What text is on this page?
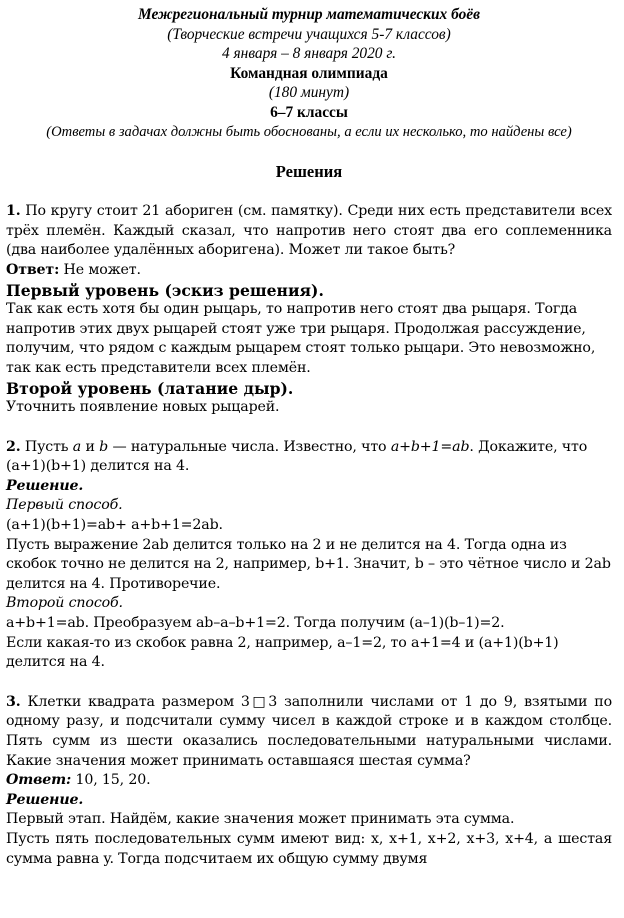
Межрегиональный турнир математических боёв
(Творческие встречи учащихся 5-7 классов)
4 января – 8 января 2020 г.
Командная олимпиада
(180 минут)
6–7 классы
(Ответы в задачах должны быть обоснованы, а если их несколько, то найдены все)
Решения
1. По кругу стоит 21 абориген (см. памятку). Среди них есть представители всех трёх племён. Каждый сказал, что напротив него стоят два его соплеменника (два наиболее удалённых аборигена). Может ли такое быть?
Ответ: Не может.
Первый уровень (эскиз решения).
Так как есть хотя бы один рыцарь, то напротив него стоят два рыцаря. Тогда напротив этих двух рыцарей стоят уже три рыцаря. Продолжая рассуждение, получим, что рядом с каждым рыцарем стоят только рыцари. Это невозможно, так как есть представители всех племён.
Второй уровень (латание дыр).
Уточнить появление новых рыцарей.
2. Пусть a и b — натуральные числа. Известно, что a+b+1=ab. Докажите, что (a+1)(b+1) делится на 4.
Решение.
Первый способ.
(a+1)(b+1)=ab+ a+b+1=2ab.
Пусть выражение 2ab делится только на 2 и не делится на 4. Тогда одна из скобок точно не делится на 2, например, b+1. Значит, b – это чётное число и 2ab делится на 4. Противоречие.
Второй способ.
a+b+1=ab. Преобразуем ab–a–b+1=2. Тогда получим (a–1)(b–1)=2.
Если какая-то из скобок равна 2, например, a–1=2, то a+1=4 и (a+1)(b+1) делится на 4.
3. Клетки квадрата размером 3□3 заполнили числами от 1 до 9, взятыми по одному разу, и подсчитали сумму чисел в каждой строке и в каждом столбце. Пять сумм из шести оказались последовательными натуральными числами. Какие значения может принимать оставшаяся шестая сумма?
Ответ: 10, 15, 20.
Решение.
Первый этап. Найдём, какие значения может принимать эта сумма.
Пусть пять последовательных сумм имеют вид: x, x+1, x+2, x+3, x+4, а шестая сумма равна y. Тогда подсчитаем их общую сумму двумя
